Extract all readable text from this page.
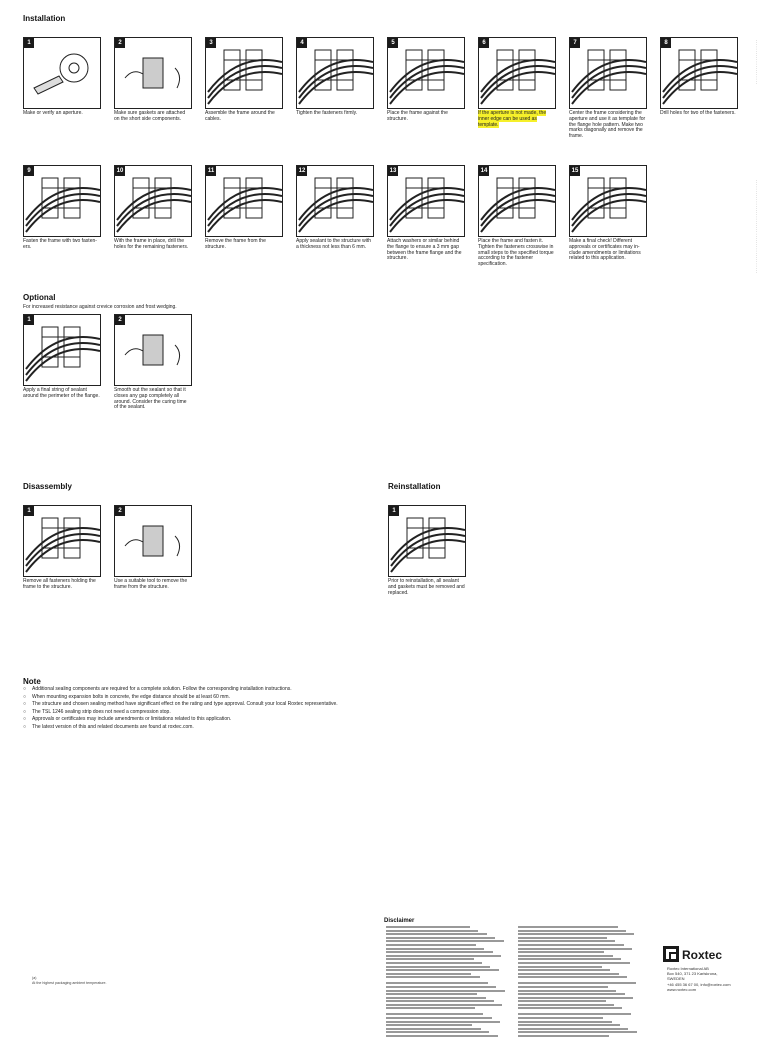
Installation
Optional
For increased resistance against crevice corrosion and frost wedging.
Disassembly	Reinstallation
Note
1
Make or verify an aperture.
2
Make sure gaskets are attached on the short side components.
3
Assemble the frame around the cables.
4
Tighten the fasteners firmly.
5
Place the frame against the structure.
6
If the aperture is not made, the inner edge can be used as template.
7
Center the frame considering the aperture and use it as template for the flange hole pattern. Make two marks diagonally and remove the frame.
8
Drill holes for two of the fasteners.
9
Fasten the frame with two fasten- ers.
10
With the frame in place, drill the holes for the remaining fasteners.
11
Remove the frame from the structure.
12
Apply sealant to the structure with a thickness not less than 6 mm.
13
Attach washers or similar behind the flange to ensure a 3 mm gap between the frame flange and the structure.
14
Place the frame and fasten it. Tighten the fasteners crosswise in small steps to the specified torque according to the fastener specification.
15
Make a final check! Different approvals or certificates may in- clude amendments or limitations related to this application.
1
Apply a final string of sealant around the perimeter of the flange.
2
Smooth out the sealant so that it closes any gap completely all around. Consider the curing time of the sealant.
1
Remove all fasteners holding the frame to the structure.
2
Use a suitable tool to remove the frame from the structure.
1
Prior to reinstallation, all sealant and gaskets must be removed and replaced.
○ Additional sealing components are required for a complete solution. Follow the corresponding installation instructions.
○ When mounting expansion bolts in concrete, the edge distance should be at least 60 mm.
○ The structure and chosen sealing method have significant effect on the rating and type approval. Consult your local Roxtec representative.
○ The TSL 1246 sealing strip does not need a compression stop.
○ Approvals or certificates may include amendments or limitations related to this application.
○ The latest version of this and related documents are found at roxtec.com.
Disclaimer
Roxtec
Roxtec International AB
Box 540, 371 23 Karlskrona,
SWEDEN
+46 455 36 67 00, info@roxtec.com
www.roxtec.com
(a)
At the highest packaging ambient temperature.
· · · · · · · · · · · · · · · · · · · · ·
· · · · · · · · · · · · · · · · · · · · · · · · · · · · · · · · · · · · · · · · · · · ·
